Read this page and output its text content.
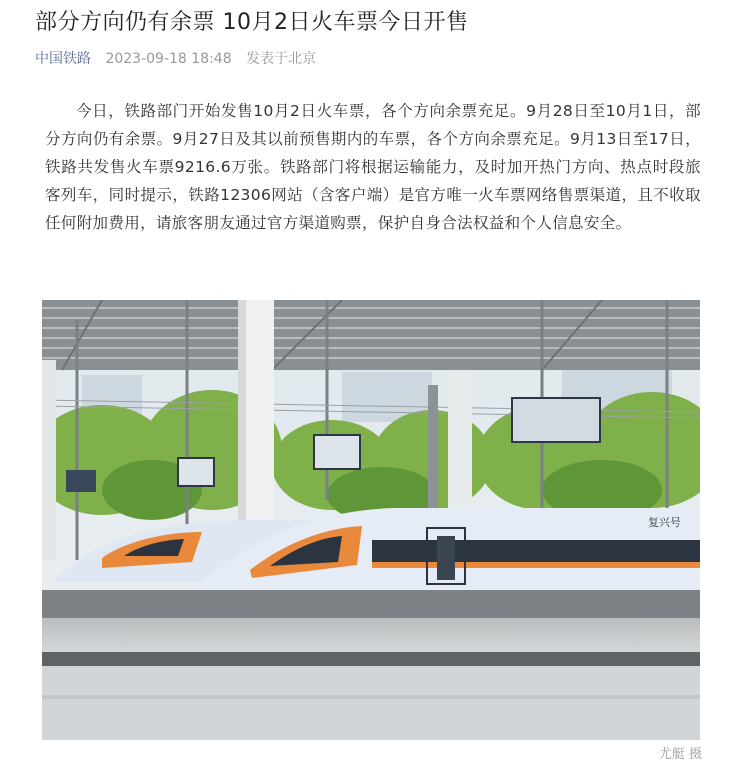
部分方向仍有余票 10月2日火车票今日开售
中国铁路 2023-09-18 18:48 发表于北京

今日，铁路部门开始发售10月2日火车票，各个方向余票充足。9月28日至10月1日，部分方向仍有余票。9月27日及其以前预售期内的车票，各个方向余票充足。9月13日至17日，铁路共发售火车票9216.6万张。铁路部门将根据运输能力，及时加开热门方向、热点时段旅客列车，同时提示，铁路12306网站（含客户端）是官方唯一火车票网络售票渠道，且不收取任何附加费用，请旅客朋友通过官方渠道购票，保护自身合法权益和个人信息安全。

复兴号
尤艇 摄
